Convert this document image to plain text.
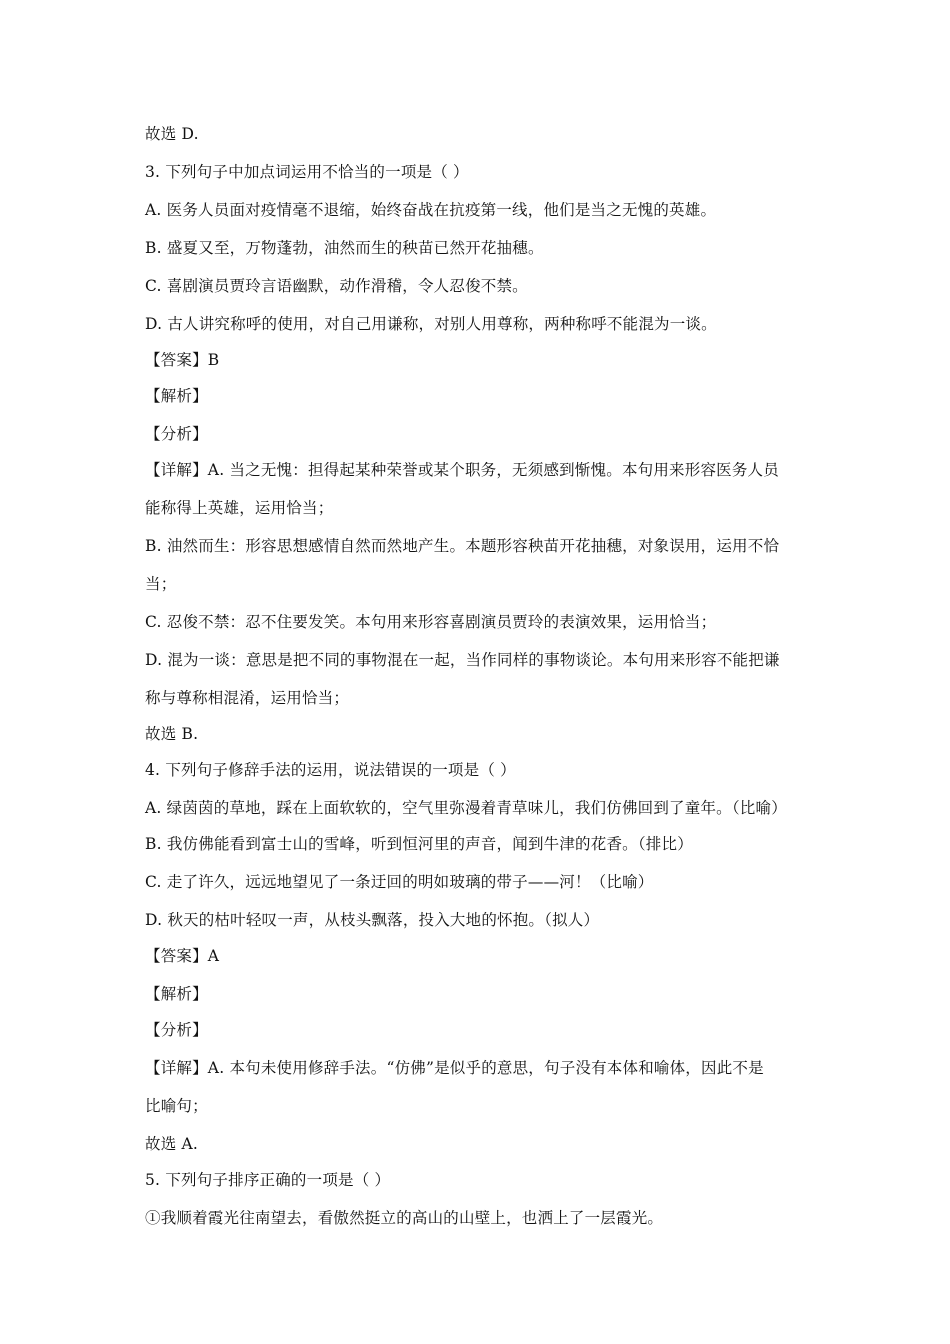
故选 D.
3. 下列句子中加点词运用不恰当的一项是（ ）
A. 医务人员面对疫情毫不退缩，始终奋战在抗疫第一线，他们是当之无愧的英雄。
B. 盛夏又至，万物蓬勃，油然而生的秧苗已然开花抽穗。
C. 喜剧演员贾玲言语幽默，动作滑稽，令人忍俊不禁。
D. 古人讲究称呼的使用，对自己用谦称，对别人用尊称，两种称呼不能混为一谈。
【答案】B
【解析】
【分析】
【详解】A. 当之无愧：担得起某种荣誉或某个职务，无须感到惭愧。本句用来形容医务人员
能称得上英雄，运用恰当；
B. 油然而生：形容思想感情自然而然地产生。本题形容秧苗开花抽穗，对象误用，运用不恰
当；
C. 忍俊不禁：忍不住要发笑。本句用来形容喜剧演员贾玲的表演效果，运用恰当；
D. 混为一谈：意思是把不同的事物混在一起，当作同样的事物谈论。本句用来形容不能把谦
称与尊称相混淆，运用恰当；
故选 B.
4. 下列句子修辞手法的运用，说法错误的一项是（ ）
A. 绿茵茵的草地，踩在上面软软的，空气里弥漫着青草味儿，我们仿佛回到了童年。（比喻）
B. 我仿佛能看到富士山的雪峰，听到恒河里的声音，闻到牛津的花香。（排比）
C. 走了许久，远远地望见了一条迂回的明如玻璃的带子——河！（比喻）
D. 秋天的枯叶轻叹一声，从枝头飘落，投入大地的怀抱。（拟人）
【答案】A
【解析】
【分析】
【详解】A. 本句未使用修辞手法。“仿佛”是似乎的意思，句子没有本体和喻体，因此不是
比喻句；
故选 A.
5. 下列句子排序正确的一项是（ ）
①我顺着霞光往南望去，看傲然挺立的高山的山壁上，也洒上了一层霞光。
